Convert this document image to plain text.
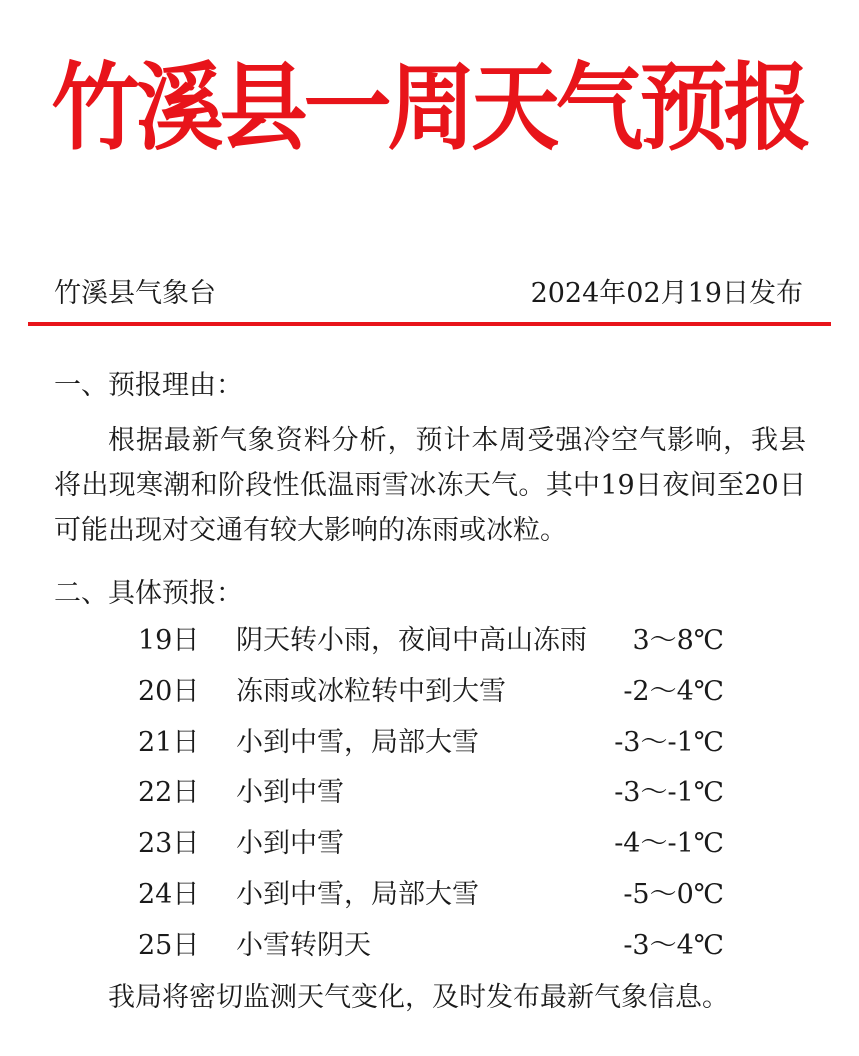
竹溪县一周天气预报
竹溪县气象台	2024年02月19日发布
一、预报理由：
根据最新气象资料分析，预计本周受强冷空气影响，我县将出现寒潮和阶段性低温雨雪冰冻天气。其中19日夜间至20日可能出现对交通有较大影响的冻雨或冰粒。
二、具体预报：
19日 阴天转小雨，夜间中高山冻雨 3～8℃
20日 冻雨或冰粒转中到大雪	-2～4℃
21日 小到中雪，局部大雪	-3～-1℃
22日 小到中雪	-3～-1℃
23日 小到中雪	-4～-1℃
24日 小到中雪，局部大雪	-5～0℃
25日 小雪转阴天	-3～4℃
我局将密切监测天气变化，及时发布最新气象信息。
